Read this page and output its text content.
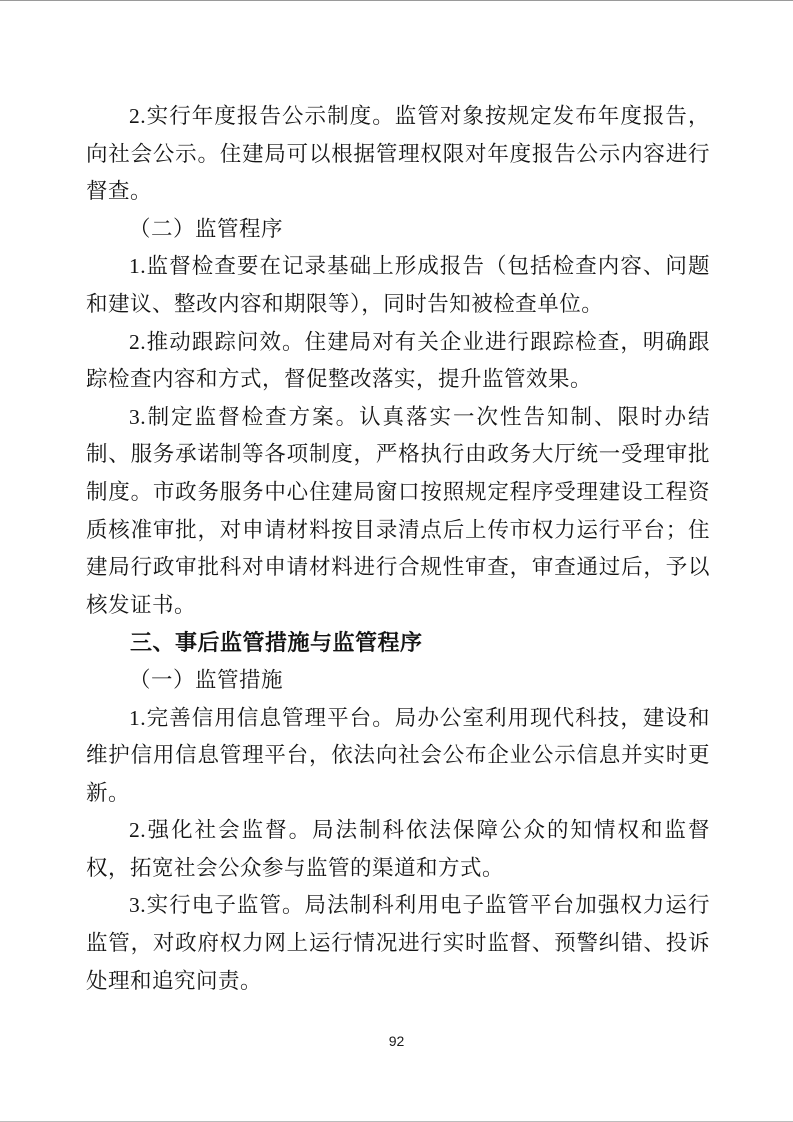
2.实行年度报告公示制度。监管对象按规定发布年度报告，向社会公示。住建局可以根据管理权限对年度报告公示内容进行督查。

（二）监管程序

1.监督检查要在记录基础上形成报告（包括检查内容、问题和建议、整改内容和期限等），同时告知被检查单位。

2.推动跟踪问效。住建局对有关企业进行跟踪检查，明确跟踪检查内容和方式，督促整改落实，提升监管效果。

3.制定监督检查方案。认真落实一次性告知制、限时办结制、服务承诺制等各项制度，严格执行由政务大厅统一受理审批制度。市政务服务中心住建局窗口按照规定程序受理建设工程资质核准审批，对申请材料按目录清点后上传市权力运行平台；住建局行政审批科对申请材料进行合规性审查，审查通过后，予以核发证书。

三、事后监管措施与监管程序

（一）监管措施

1.完善信用信息管理平台。局办公室利用现代科技，建设和维护信用信息管理平台，依法向社会公布企业公示信息并实时更新。

2.强化社会监督。局法制科依法保障公众的知情权和监督权，拓宽社会公众参与监管的渠道和方式。

3.实行电子监管。局法制科利用电子监管平台加强权力运行监管，对政府权力网上运行情况进行实时监督、预警纠错、投诉处理和追究问责。

92
